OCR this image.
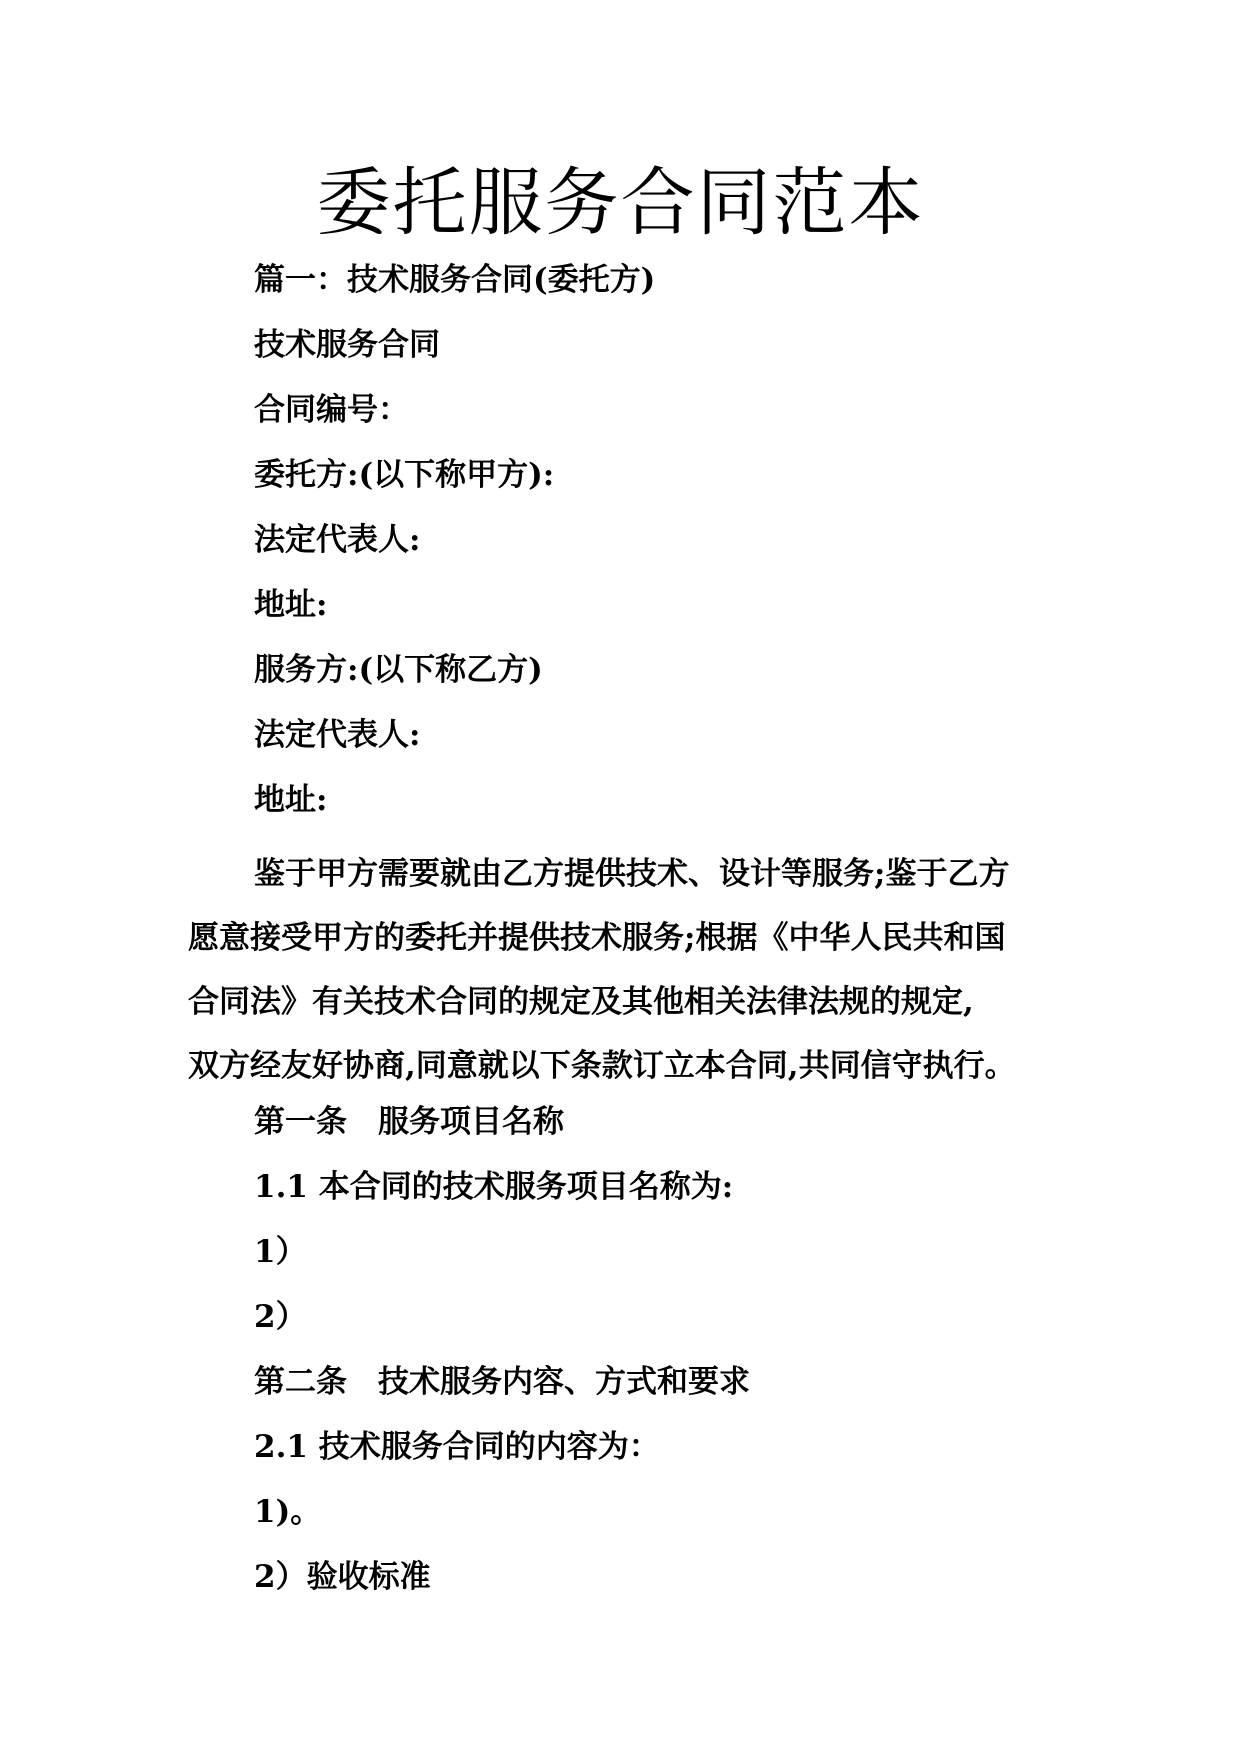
委托服务合同范本

篇一：技术服务合同(委托方)

技术服务合同

合同编号：

委托方:(以下称甲方):

法定代表人:

地址:

服务方:(以下称乙方)

法定代表人:

地址:

鉴于甲方需要就由乙方提供技术、设计等服务;鉴于乙方
愿意接受甲方的委托并提供技术服务;根据《中华人民共和国
合同法》有关技术合同的规定及其他相关法律法规的规定,
双方经友好协商,同意就以下条款订立本合同,共同信守执行。

第一条　服务项目名称

1.1 本合同的技术服务项目名称为:

1）

2）

第二条　技术服务内容、方式和要求

2.1 技术服务合同的内容为：

1)。

2）验收标准
